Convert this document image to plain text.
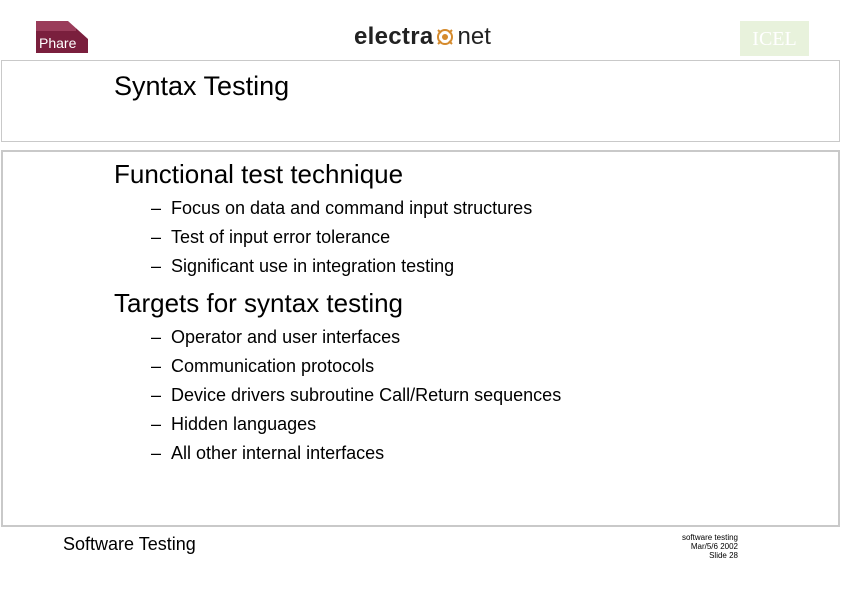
Phare	electra net	ICEL
Syntax Testing
Functional test technique
– Focus on data and command input structures
– Test of input error tolerance
– Significant use in integration testing
Targets for syntax testing
– Operator and user interfaces
– Communication protocols
– Device drivers subroutine Call/Return sequences
– Hidden languages
– All other internal interfaces
Software Testing	software testing
Mar/5/6 2002
Slide 28
